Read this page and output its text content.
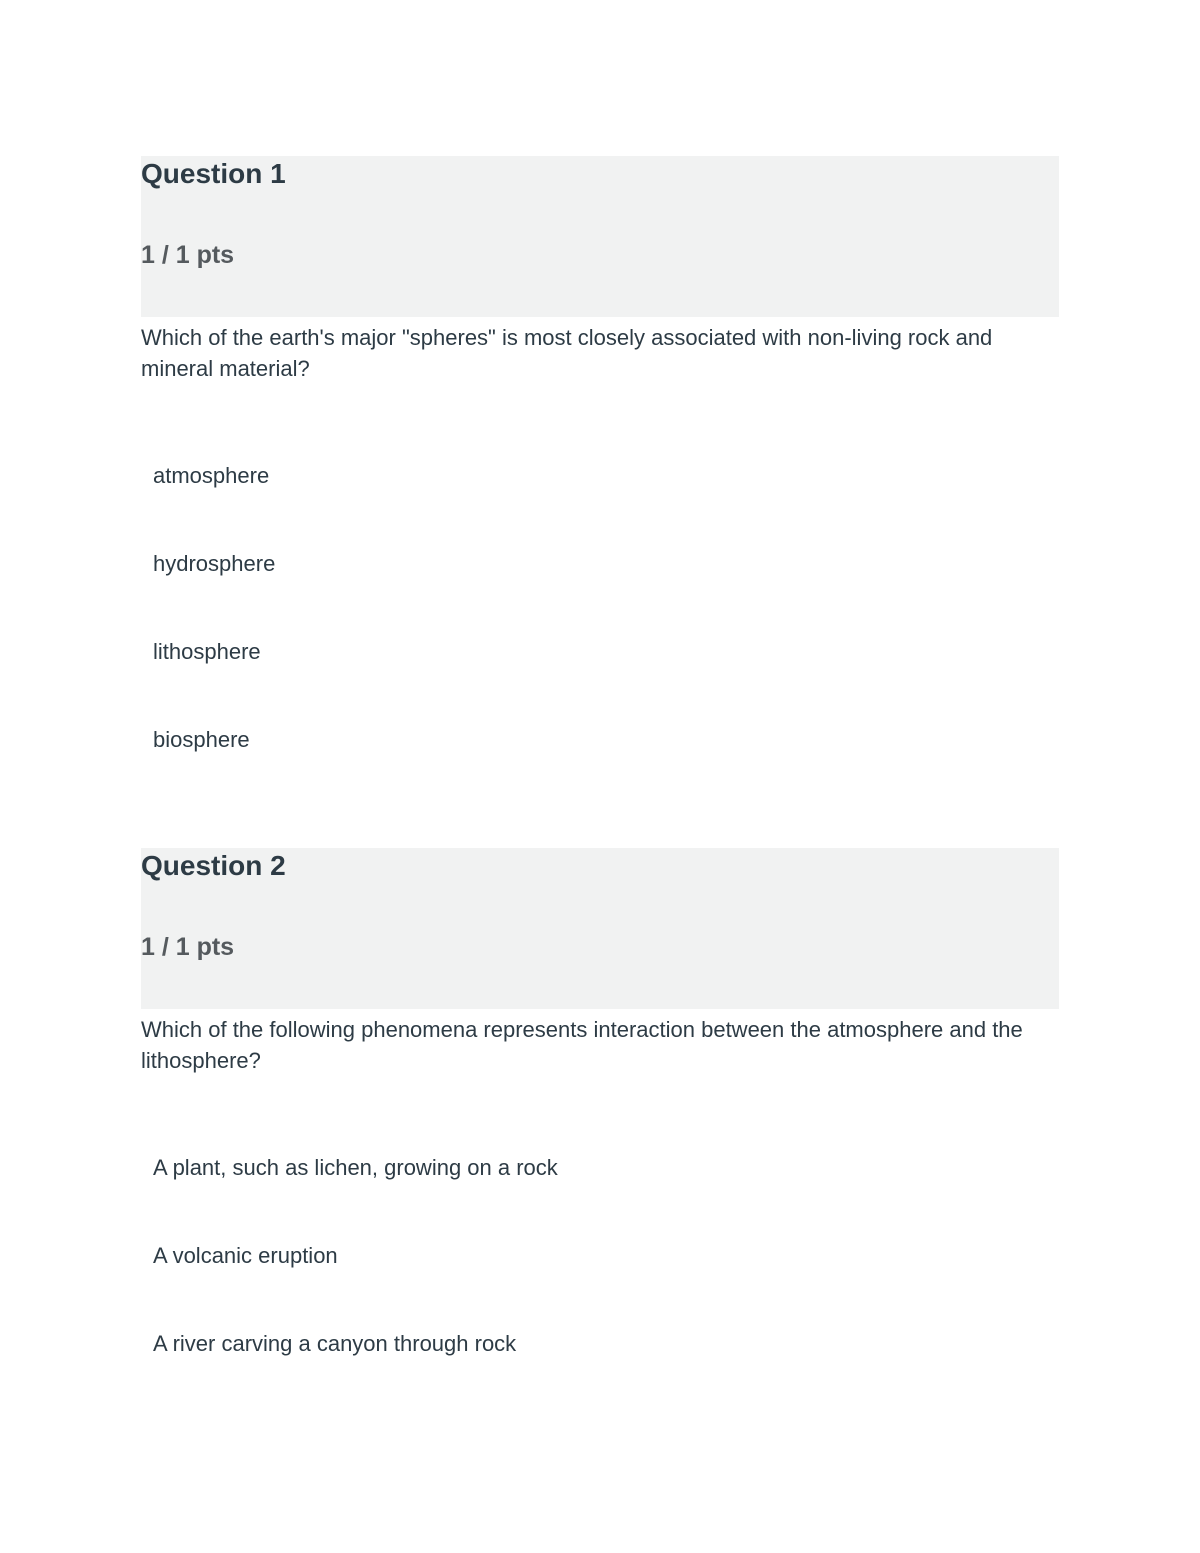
Question 1
1 / 1 pts
Which of the earth's major "spheres" is most closely associated with non-living rock and mineral material?
atmosphere
hydrosphere
lithosphere
biosphere
Question 2
1 / 1 pts
Which of the following phenomena represents interaction between the atmosphere and the lithosphere?
A plant, such as lichen, growing on a rock
A volcanic eruption
A river carving a canyon through rock
